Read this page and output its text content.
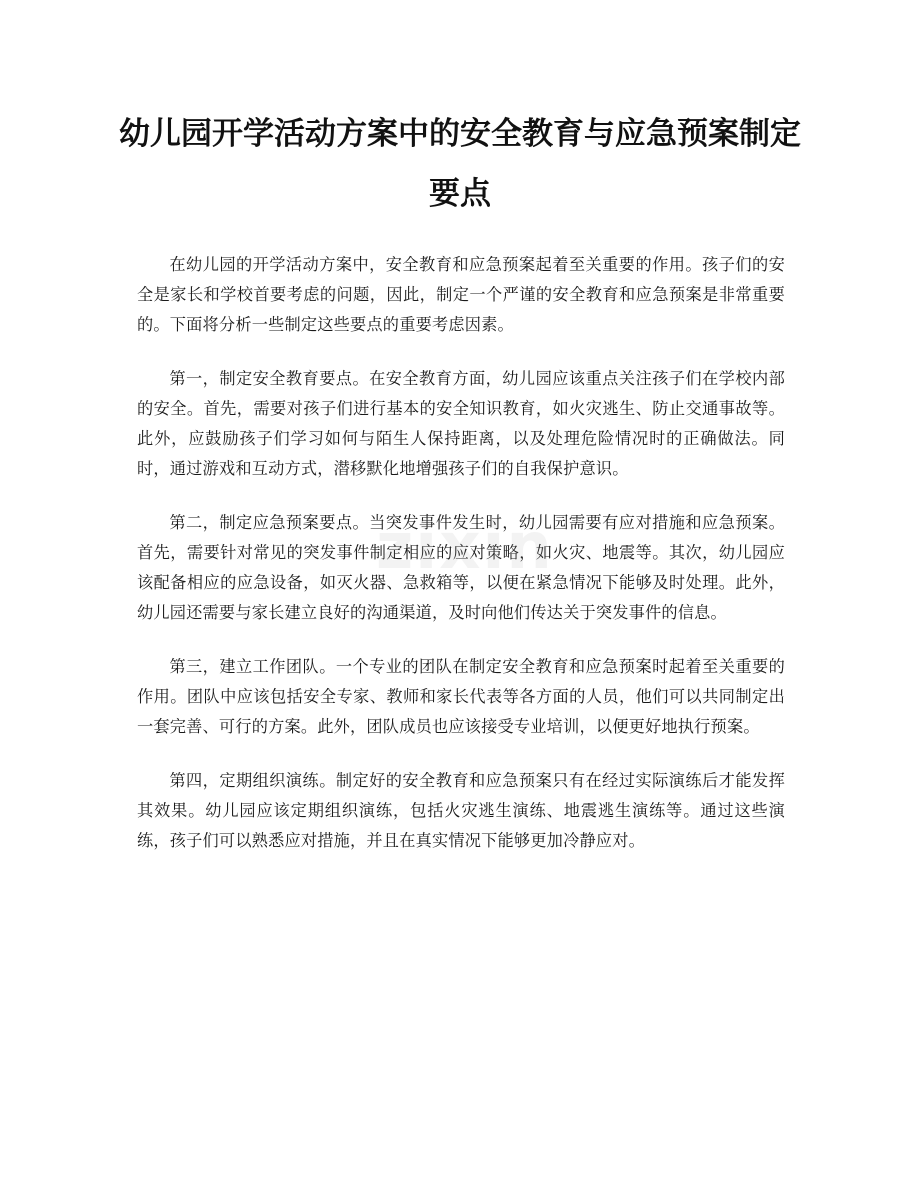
幼儿园开学活动方案中的安全教育与应急预案制定要点

在幼儿园的开学活动方案中，安全教育和应急预案起着至关重要的作用。孩子们的安全是家长和学校首要考虑的问题，因此，制定一个严谨的安全教育和应急预案是非常重要的。下面将分析一些制定这些要点的重要考虑因素。

第一，制定安全教育要点。在安全教育方面，幼儿园应该重点关注孩子们在学校内部的安全。首先，需要对孩子们进行基本的安全知识教育，如火灾逃生、防止交通事故等。此外，应鼓励孩子们学习如何与陌生人保持距离，以及处理危险情况时的正确做法。同时，通过游戏和互动方式，潜移默化地增强孩子们的自我保护意识。

第二，制定应急预案要点。当突发事件发生时，幼儿园需要有应对措施和应急预案。首先，需要针对常见的突发事件制定相应的应对策略，如火灾、地震等。其次，幼儿园应该配备相应的应急设备，如灭火器、急救箱等，以便在紧急情况下能够及时处理。此外，幼儿园还需要与家长建立良好的沟通渠道，及时向他们传达关于突发事件的信息。

第三，建立工作团队。一个专业的团队在制定安全教育和应急预案时起着至关重要的作用。团队中应该包括安全专家、教师和家长代表等各方面的人员，他们可以共同制定出一套完善、可行的方案。此外，团队成员也应该接受专业培训，以便更好地执行预案。

第四，定期组织演练。制定好的安全教育和应急预案只有在经过实际演练后才能发挥其效果。幼儿园应该定期组织演练，包括火灾逃生演练、地震逃生演练等。通过这些演练，孩子们可以熟悉应对措施，并且在真实情况下能够更加冷静应对。

zixin
